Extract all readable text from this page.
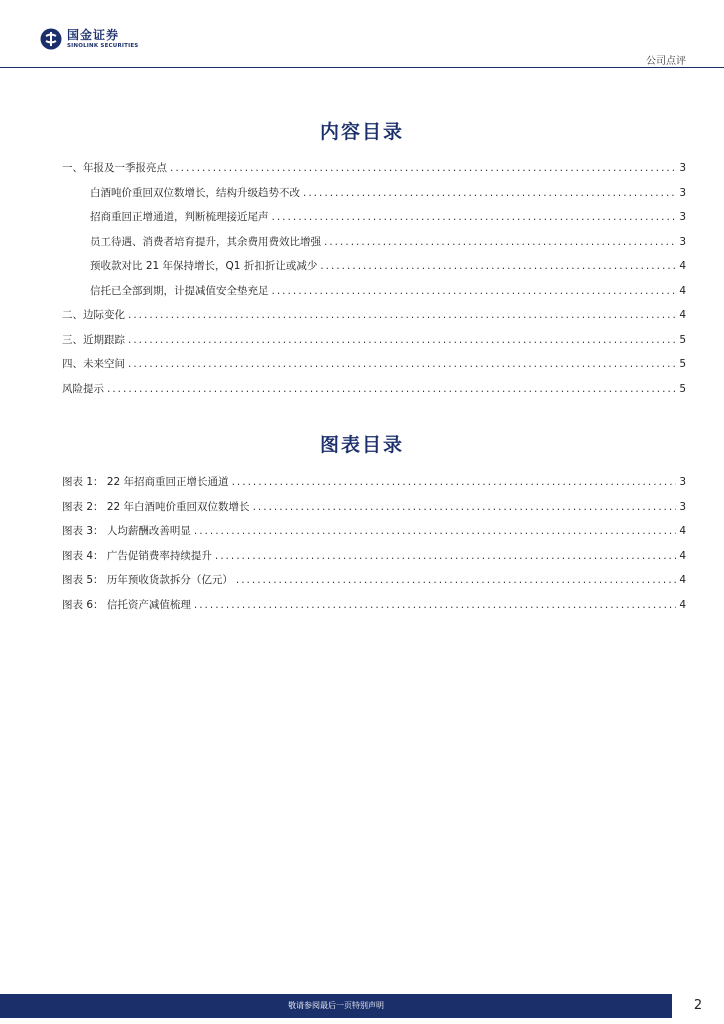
国金证券
SINOLINK SECURITIES
公司点评
内容目录
一、年报及一季报亮点 .....	3
白酒吨价重回双位数增长，结构升级趋势不改 .....	3
招商重回正增通道，判断梳理接近尾声 .....	3
员工待遇、消费者培育提升，其余费用费效比增强 .....	3
预收款对比 21 年保持增长，Q1 折扣折让或减少 .....	4
信托已全部到期，计提减值安全垫充足 .....	4
二、边际变化 .....	4
三、近期跟踪 .....	5
四、未来空间 .....	5
风险提示 .....	5
图表目录
图表 1： 22 年招商重回正增长通道 .....	3
图表 2： 22 年白酒吨价重回双位数增长 .....	3
图表 3： 人均薪酬改善明显 .....	4
图表 4： 广告促销费率持续提升 .....	4
图表 5： 历年预收货款拆分（亿元） .....	4
图表 6： 信托资产减值梳理 .....	4
敬请参阅最后一页特别声明	2
